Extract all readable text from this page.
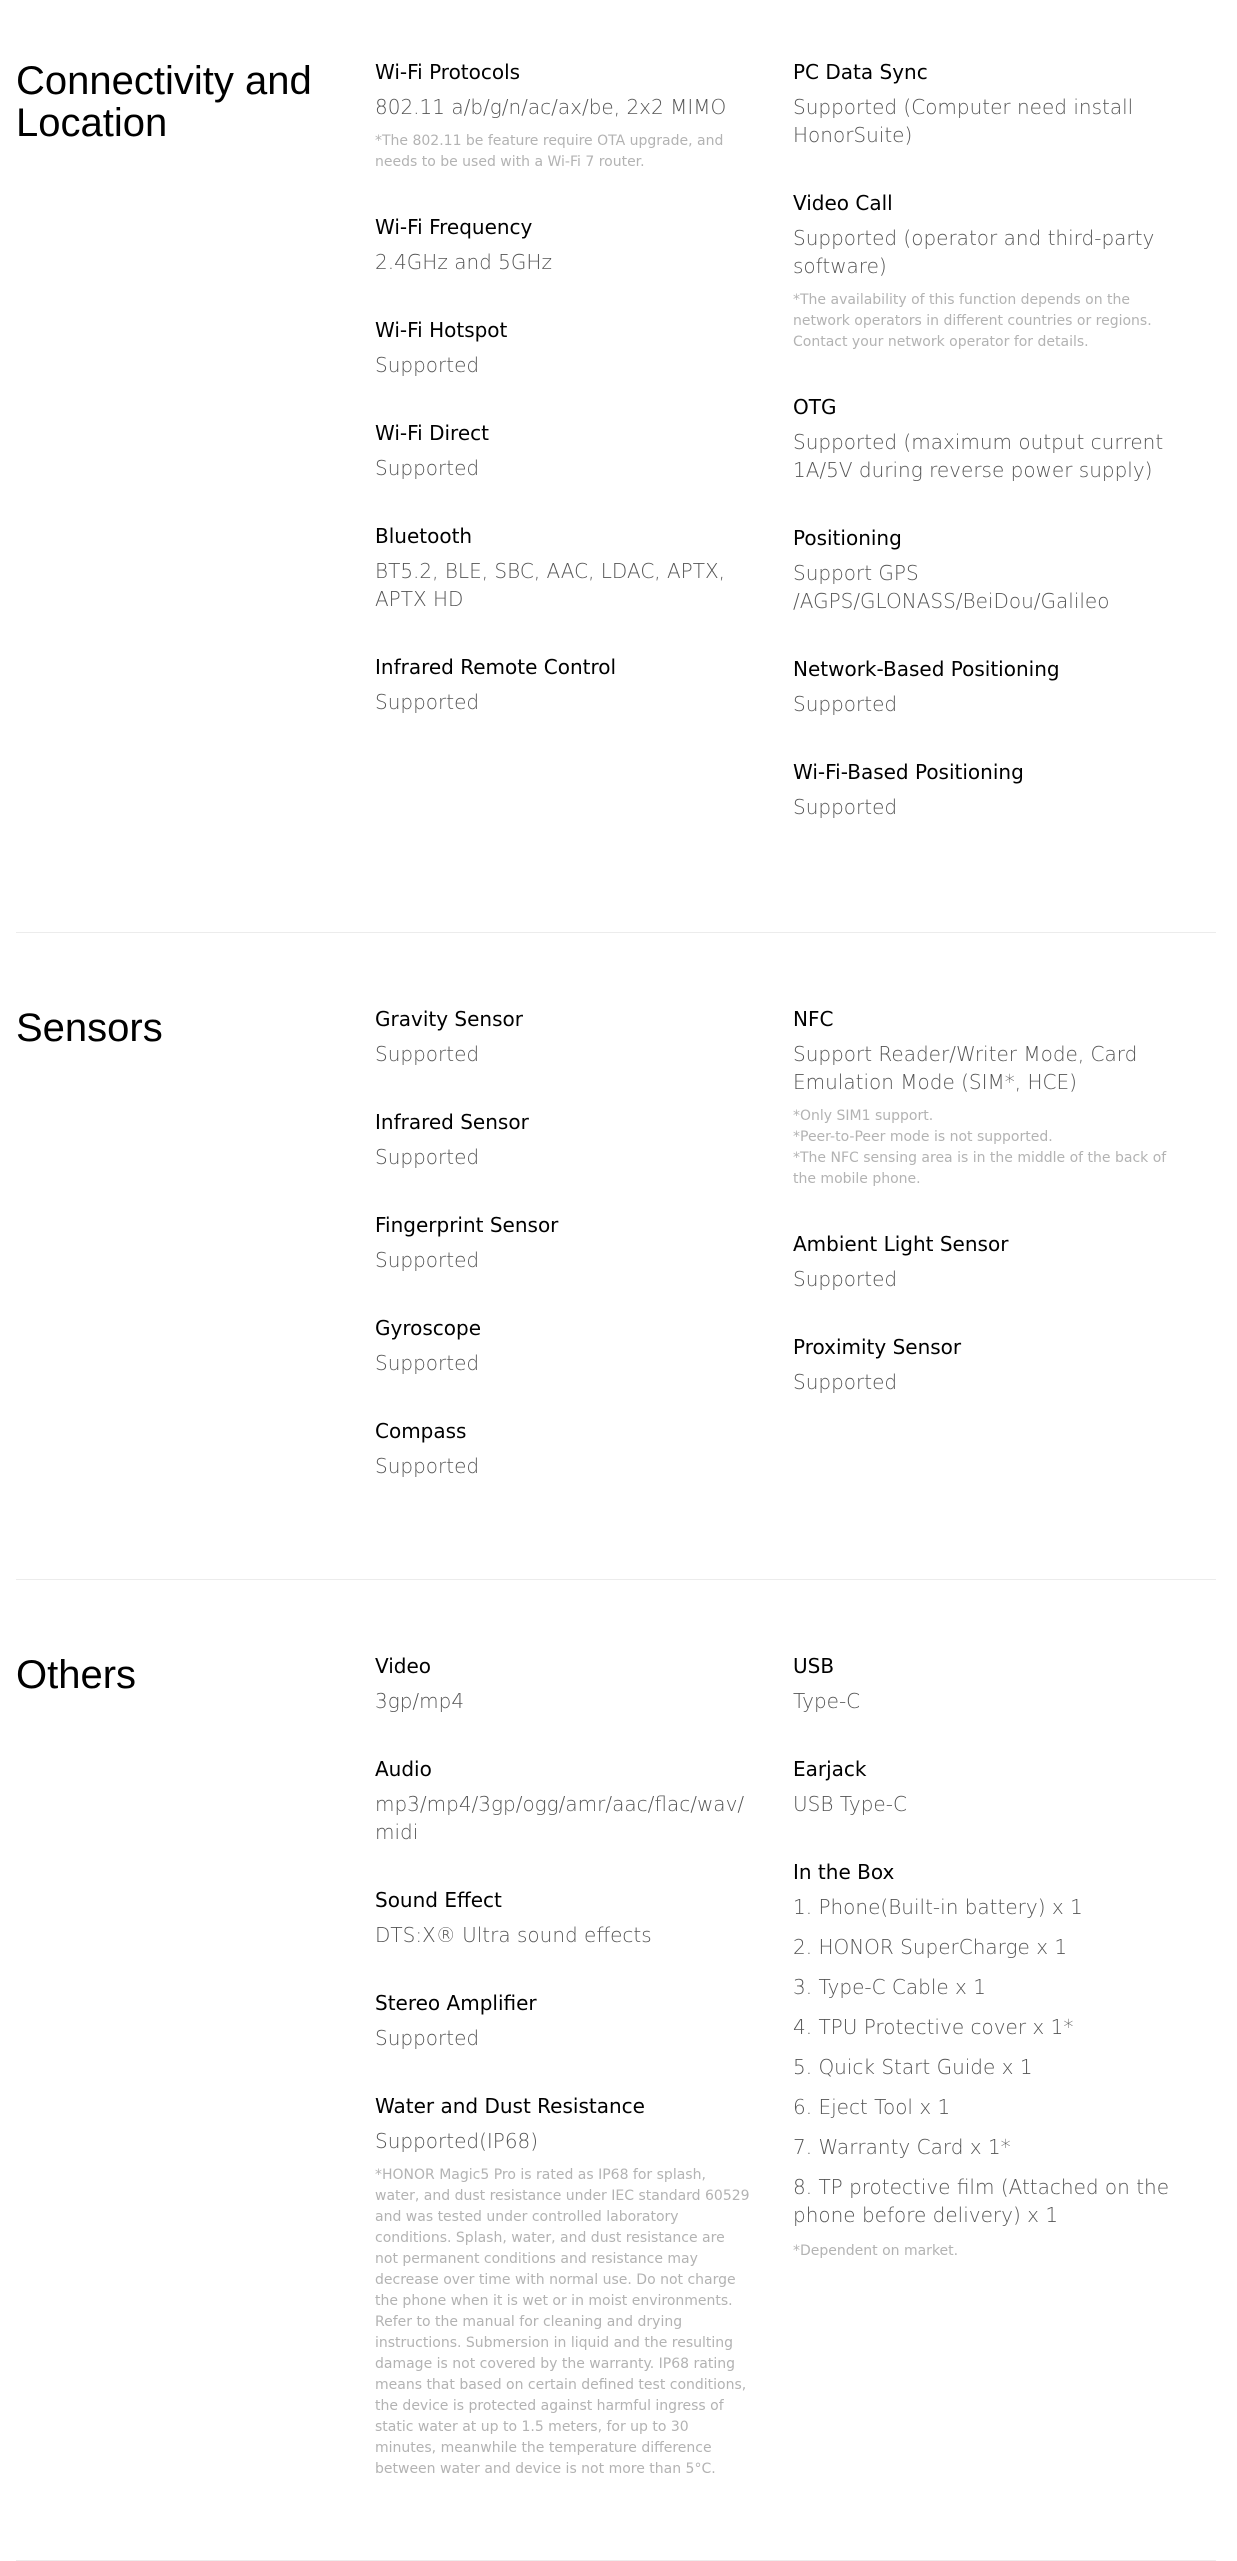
Connectivity and Location
Wi-Fi Protocols
802.11 a/b/g/n/ac/ax/be, 2x2 MIMO
*The 802.11 be feature require OTA upgrade, and needs to be used with a Wi-Fi 7 router.
Wi-Fi Frequency
2.4GHz and 5GHz
Wi-Fi Hotspot
Supported
Wi-Fi Direct
Supported
Bluetooth
BT5.2, BLE, SBC, AAC, LDAC, APTX, APTX HD
Infrared Remote Control
Supported
PC Data Sync
Supported (Computer need install HonorSuite)
Video Call
Supported (operator and third-party software)
*The availability of this function depends on the network operators in different countries or regions. Contact your network operator for details.
OTG
Supported (maximum output current 1A/5V during reverse power supply)
Positioning
Support GPS /AGPS/GLONASS/BeiDou/Galileo
Network-Based Positioning
Supported
Wi-Fi-Based Positioning
Supported
Sensors	Gravity Sensor
Supported
Infrared Sensor
Supported
Fingerprint Sensor
Supported
Gyroscope
Supported
Compass
Supported
NFC
Support Reader/Writer Mode, Card Emulation Mode (SIM*, HCE)
*Only SIM1 support.
*Peer-to-Peer mode is not supported.
*The NFC sensing area is in the middle of the back of the mobile phone.
Ambient Light Sensor
Supported
Proximity Sensor
Supported
Others	Video
3gp/mp4
Audio
mp3/mp4/3gp/ogg/amr/aac/flac/wav/midi
Sound Effect
DTS:X® Ultra sound effects
Stereo Amplifier
Supported
Water and Dust Resistance
Supported(IP68)
*HONOR Magic5 Pro is rated as IP68 for splash, water, and dust resistance under IEC standard 60529 and was tested under controlled laboratory conditions. Splash, water, and dust resistance are not permanent conditions and resistance may decrease over time with normal use. Do not charge the phone when it is wet or in moist environments. Refer to the manual for cleaning and drying instructions. Submersion in liquid and the resulting damage is not covered by the warranty. IP68 rating means that based on certain defined test conditions, the device is protected against harmful ingress of static water at up to 1.5 meters, for up to 30 minutes, meanwhile the temperature difference between water and device is not more than 5°C.
USB
Type-C
Earjack
USB Type-C
In the Box
1. Phone(Built-in battery) x 1
2. HONOR SuperCharge x 1
3. Type-C Cable x 1
4. TPU Protective cover x 1*
5. Quick Start Guide x 1
6. Eject Tool x 1
7. Warranty Card x 1*
8. TP protective film (Attached on the phone before delivery) x 1
*Dependent on market.
